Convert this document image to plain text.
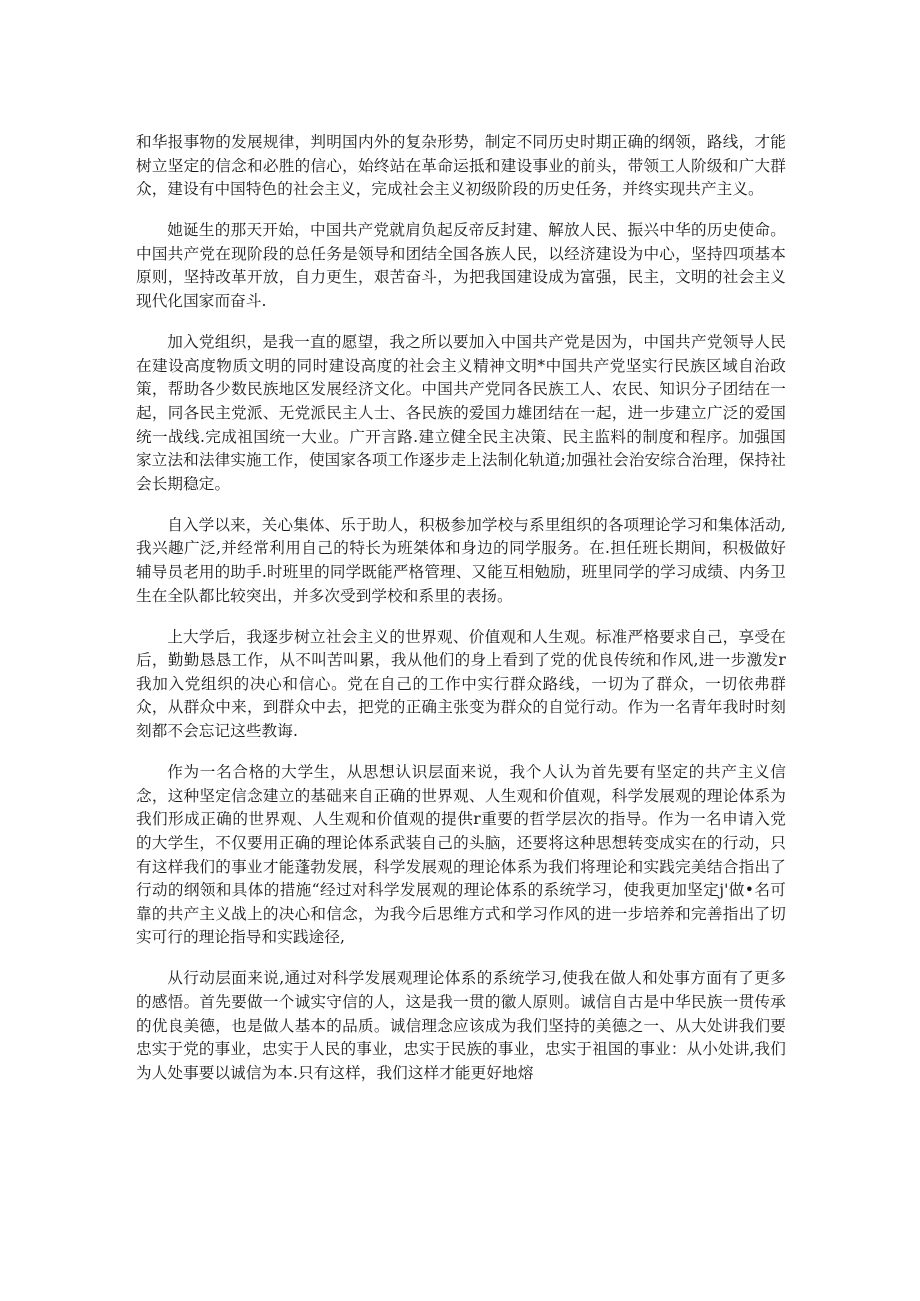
和华报事物的发展规律，判明国内外的复杂形势，制定不同历史时期正确的纲领，路线，才能树立坚定的信念和必胜的信心，始终站在革命运抵和建设事业的前头，带领工人阶级和广大群众，建设有中国特色的社会主义，完成社会主义初级阶段的历史任务，并终实现共产主义。

她诞生的那天开始，中国共产党就肩负起反帝反封建、解放人民、振兴中华的历史使命。中国共产党在现阶段的总任务是领导和团结全国各族人民，以经济建设为中心，坚持四项基本原则，坚持改革开放，自力更生，艰苦奋斗，为把我国建设成为富强，民主，文明的社会主义现代化国家而奋斗.

加入党组织，是我一直的愿望，我之所以要加入中国共产党是因为，中国共产党领导人民在建设高度物质文明的同时建设高度的社会主义精神文明*中国共产党坚实行民族区域自治政策，帮助各少数民族地区发展经济文化。中国共产党同各民族工人、农民、知识分子团结在一起，同各民主党派、无党派民主人士、各民族的爱国力雄团结在一起，进一步建立广泛的爱国统一战线.完成祖国统一大业。广开言路.建立健全民主决策、民主监料的制度和程序。加强国家立法和法律实施工作，使国家各项工作逐步走上法制化轨道;加强社会治安综合治理，保持社会长期稳定。

自入学以来，关心集体、乐于助人，积极参加学校与系里组织的各项理论学习和集体活动,我兴趣广泛,并经常利用自己的特长为班桀体和身边的同学服务。在.担任班长期间，积极做好辅导员老用的助手.时班里的同学既能严格管理、又能互相勉励，班里同学的学习成绩、内务卫生在全队都比较突出，并多次受到学校和系里的表扬。

上大学后，我逐步树立社会主义的世界观、价值观和人生观。标准严格要求自己，享受在后，勤勤恳恳工作，从不叫苦叫累，我从他们的身上看到了党的优良传统和作风,进一步激发r我加入党组织的决心和信心。党在自己的工作中实行群众路线，一切为了群众，一切依弗群众，从群众中来，到群众中去，把党的正确主张变为群众的自觉行动。作为一名青年我时时刻刻都不会忘记这些教诲.

作为一名合格的大学生，从思想认识层面来说，我个人认为首先要有坚定的共产主义信念，这种坚定信念建立的基础来自正确的世界观、人生观和价值观，科学发展观的理论体系为我们形成正确的世界观、人生观和价值观的提供r重要的哲学层次的指导。作为一名申请入党的大学生，不仅要用正确的理论体系武装自己的头脑，还要将这种思想转变成实在的行动，只有这样我们的事业才能蓬勃发展，科学发展观的理论体系为我们将理论和实践完美结合指出了行动的纲领和具体的措施“经过对科学发展观的理论体系的系统学习，使我更加坚定j'做•名可靠的共产主义战上的决心和信念，为我今后思维方式和学习作风的进一步培养和完善指出了切实可行的理论指导和实践途径,

从行动层面来说,通过对科学发展观理论体系的系统学习,使我在做人和处事方面有了更多的感悟。首先要做一个诚实守信的人，这是我一贯的徽人原则。诚信自古是中华民族一贯传承的优良美德，也是做人基本的品质。诚信理念应该成为我们坚持的美德之一、从大处讲我们要忠实于党的事业，忠实于人民的事业，忠实于民族的事业，忠实于祖国的事业：从小处讲,我们为人处事要以诚信为本.只有这样，我们这样才能更好地熔
